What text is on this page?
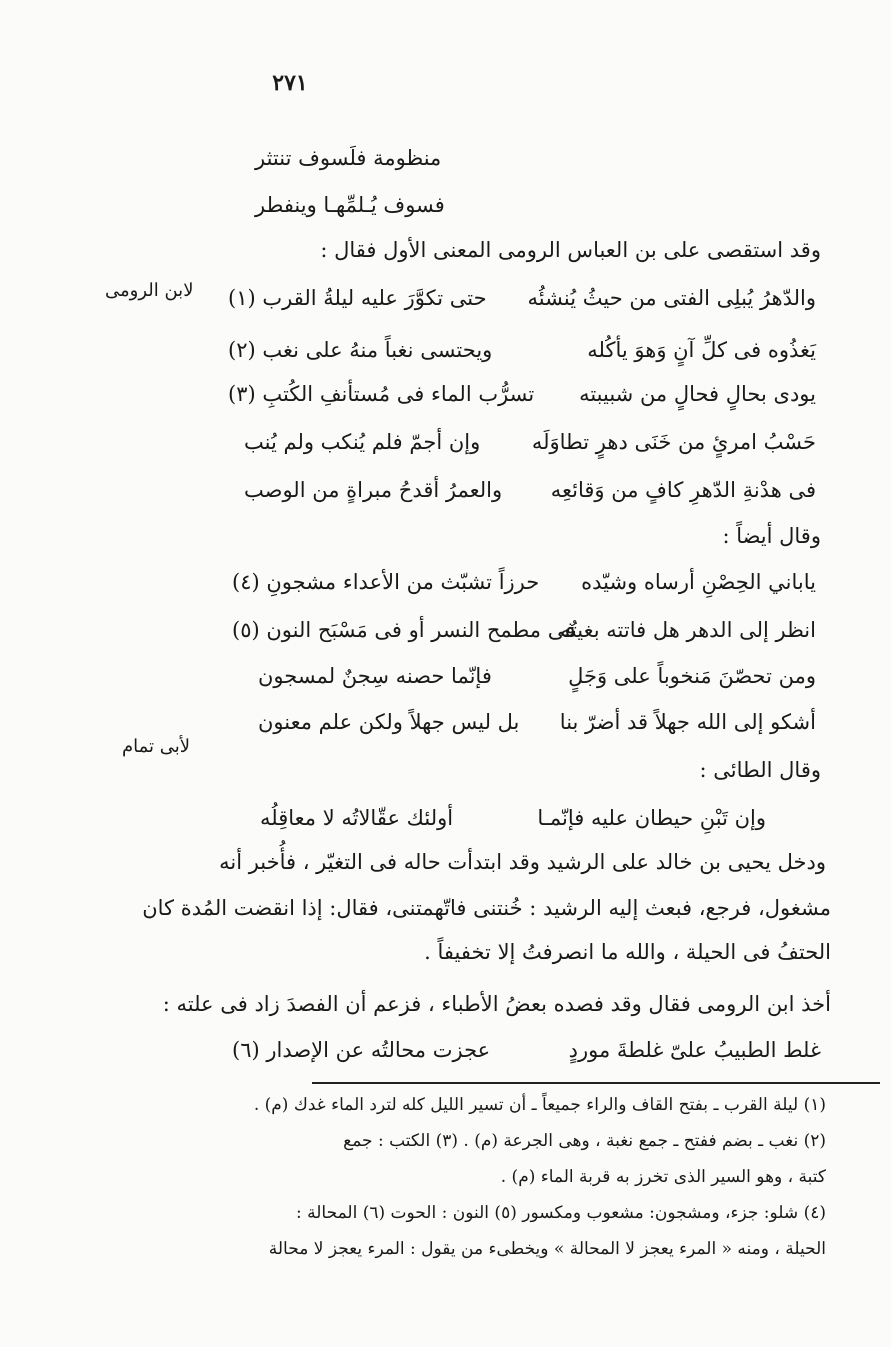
٢٧١
منظومة فلَسوف تنتثر
فسوف يُـلمِّهـا وينفطر
وقد استقصى على بن العباس الرومى المعنى الأول فقال :
لابن الرومى	والدّهرُ يُبلِى الفتى من حيثُ يُنشئُه
حتى تكوَّرَ عليه ليلةُ القرب (١)
يَغذُوه فى كلِّ آنٍ وَهوَ يأكُله
ويحتسى نغباً منهُ على نغب (٢)
يودى بحالٍ فحالٍ من شبيبته
تسرُّب الماء فى مُستأنفِ الكُتبِ (٣)
حَسْبُ امرئٍ من خَنَى دهرٍ تطاوَلَه
وإن أجمّ فلم يُنكب ولم يُنب
فى هدْنةِ الدّهرِ كافٍ من وَقائعِه
والعمرُ أقدحُ مبراةٍ من الوصب
وقال أيضاً :
ياباني الحِصْنِ أرساه وشيّده
حرزاً تشبّث من الأعداء مشجونِ (٤)
انظر إلى الدهر هل فاتته بغيتُه
فى مطمح النسر أو فى مَسْبَح النون (٥)
ومن تحصّنَ مَنخوباً على وَجَلٍ
فإنّما حصنه سِجنٌ لمسجون
أشكو إلى الله جهلاً قد أضرّ بنا
بل ليس جهلاً ولكن علم معنون
لأبى تمام
وقال الطائى :
وإن تَبْنِ حيطان عليه فإنّمـا
أولئك عقّالاتُه لا معاقِلُه
ودخل يحيى بن خالد على الرشيد وقد ابتدأت حاله فى التغيّر ، فأُخبر أنه
مشغول، فرجع، فبعث إليه الرشيد : خُنتنى فاتّهمتنى، فقال: إذا انقضت المُدة كان
الحتفُ فى الحيلة ، والله ما انصرفتُ إلا تخفيفاً .
أخذ ابن الرومى فقال وقد فصده بعضُ الأطباء ، فزعم أن الفصدَ زاد فى علته :
غلط الطبيبُ علىّ غلطةَ موردٍ
عجزت محالتُه عن الإصدار (٦)
(١) ليلة القرب ـ بفتح القاف والراء جميعاً ـ أن تسير الليل كله لترد الماء غدك (م) .
(٢) نغب ـ بضم ففتح ـ جمع نغبة ، وهى الجرعة (م) . (٣) الكتب : جمع
كتبة ، وهو السير الذى تخرز به قربة الماء (م) .
(٤) شلو: جزء، ومشجون: مشعوب ومكسور (٥) النون : الحوت (٦) المحالة :
الحيلة ، ومنه « المرء يعجز لا المحالة » ويخطىء من يقول : المرء يعجز لا محالة
